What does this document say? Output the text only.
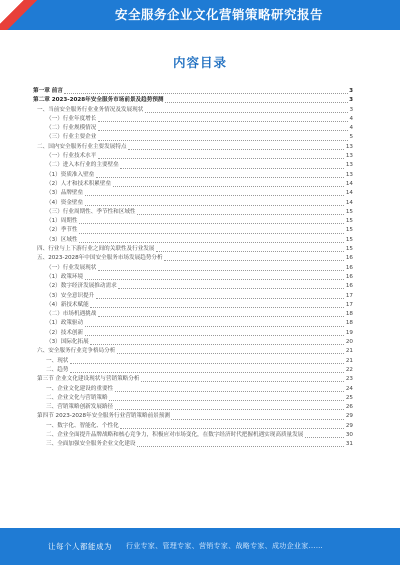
安全服务企业文化营销策略研究报告
内容目录
第一章 前言	3
第二章 2023-2028年安全服务市场前景及趋势预测	3
一、当前安全服务行业业务情况及发展现状	3
（一）行业年度增长	4
（二）行业规模情况	4
（三）行业主要企业	5
二、国内安全服务行业主要发展特点	13
（一）行业技术水平	13
（二）进入本行业的主要壁垒	13
（1）资质准入壁垒	13
（2）人才和技术积累壁垒	14
（3）品牌壁垒	14
（4）资金壁垒	14
（三）行业周期性、季节性和区域性	15
（1）周期性	15
（2）季节性	15
（3）区域性	15
四、行业与上下游行业之间的关联性及行业发展	15
五、2023-2028年中国安全服务市场发展趋势分析	16
（一）行业发展现状	16
（1）政策环境	16
（2）数字经济发展推动需求	16
（3）安全意识提升	17
（4）新技术赋能	17
（二）市场机遇挑战	18
（1）政策驱动	18
（2）技术创新	19
（3）国际化拓展	20
六、安全服务行业竞争格局分析	21
一、现状	21
二、趋势	22
第三节 企业文化建设现状与营销策略分析	23
一、企业文化建设的重要性	24
二、企业文化与营销策略	25
三、营销策略创新发展路径	26
第四节 2023-2028年安全服务行业营销策略前景预测	29
一、数字化、智能化、个性化	29
二、企业全面提升品牌战略和核心竞争力，积极应对市场变化，在数字经济时代把握机遇实现高质量发展	30
三、全面加强安全服务企业文化建设	31
让每个人都能成为 行业专家、管理专家、营销专家、战略专家、成功企业家……
